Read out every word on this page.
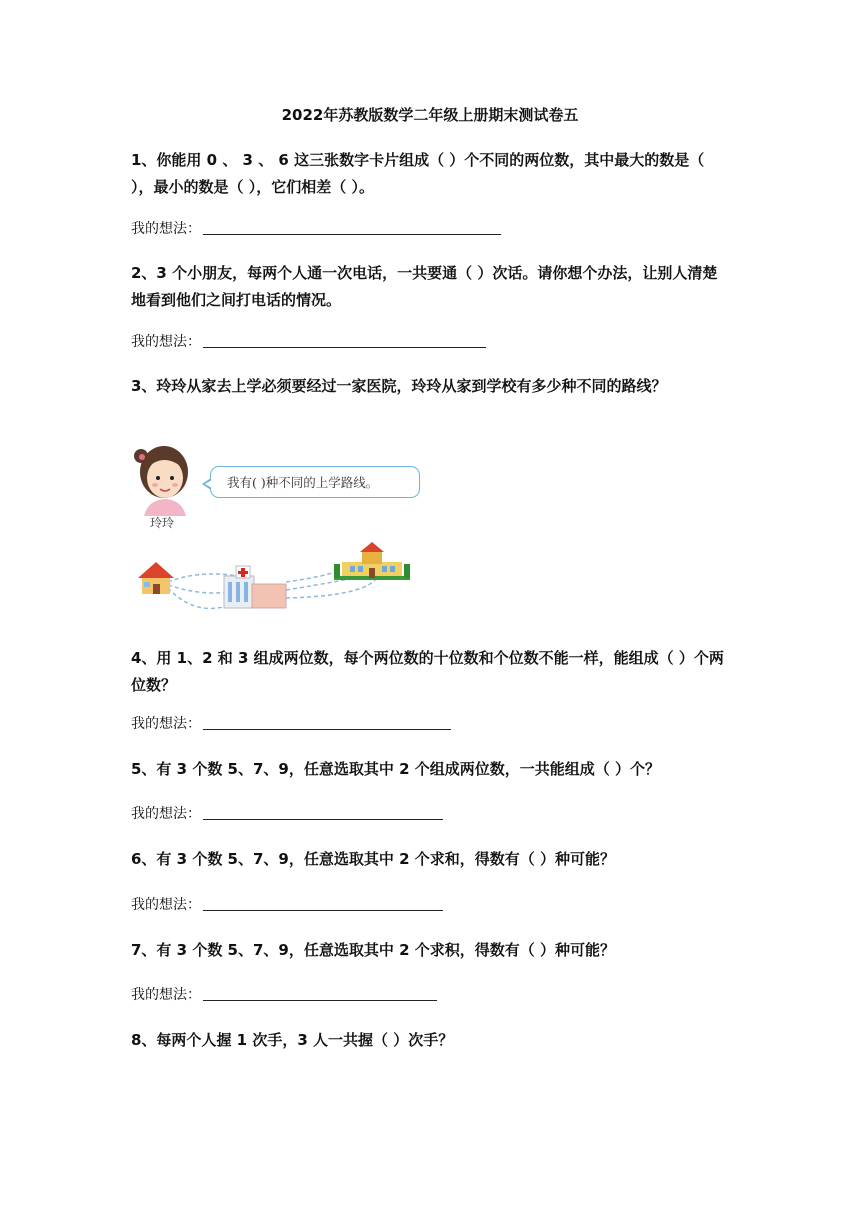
2022年苏教版数学二年级上册期末测试卷五
1、你能用 0 、 3 、 6 这三张数字卡片组成（ ）个不同的两位数，其中最大的数是（ ），最小的数是（ ），它们相差（ ）。
我的想法：
2、3 个小朋友，每两个人通一次电话，一共要通（ ）次话。请你想个办法，让别人清楚地看到他们之间打电话的情况。
我的想法：
3、玲玲从家去上学必须要经过一家医院，玲玲从家到学校有多少种不同的路线？
玲玲
我有( )种不同的上学路线。
4、用 1、2 和 3 组成两位数，每个两位数的十位数和个位数不能一样，能组成（ ）个两位数？
我的想法：
5、有 3 个数 5、7、9，任意选取其中 2 个组成两位数，一共能组成（ ）个？
我的想法：
6、有 3 个数 5、7、9，任意选取其中 2 个求和，得数有（ ）种可能？
我的想法：
7、有 3 个数 5、7、9，任意选取其中 2 个求积，得数有（ ）种可能？
我的想法：
8、每两个人握 1 次手，3 人一共握（ ）次手？
